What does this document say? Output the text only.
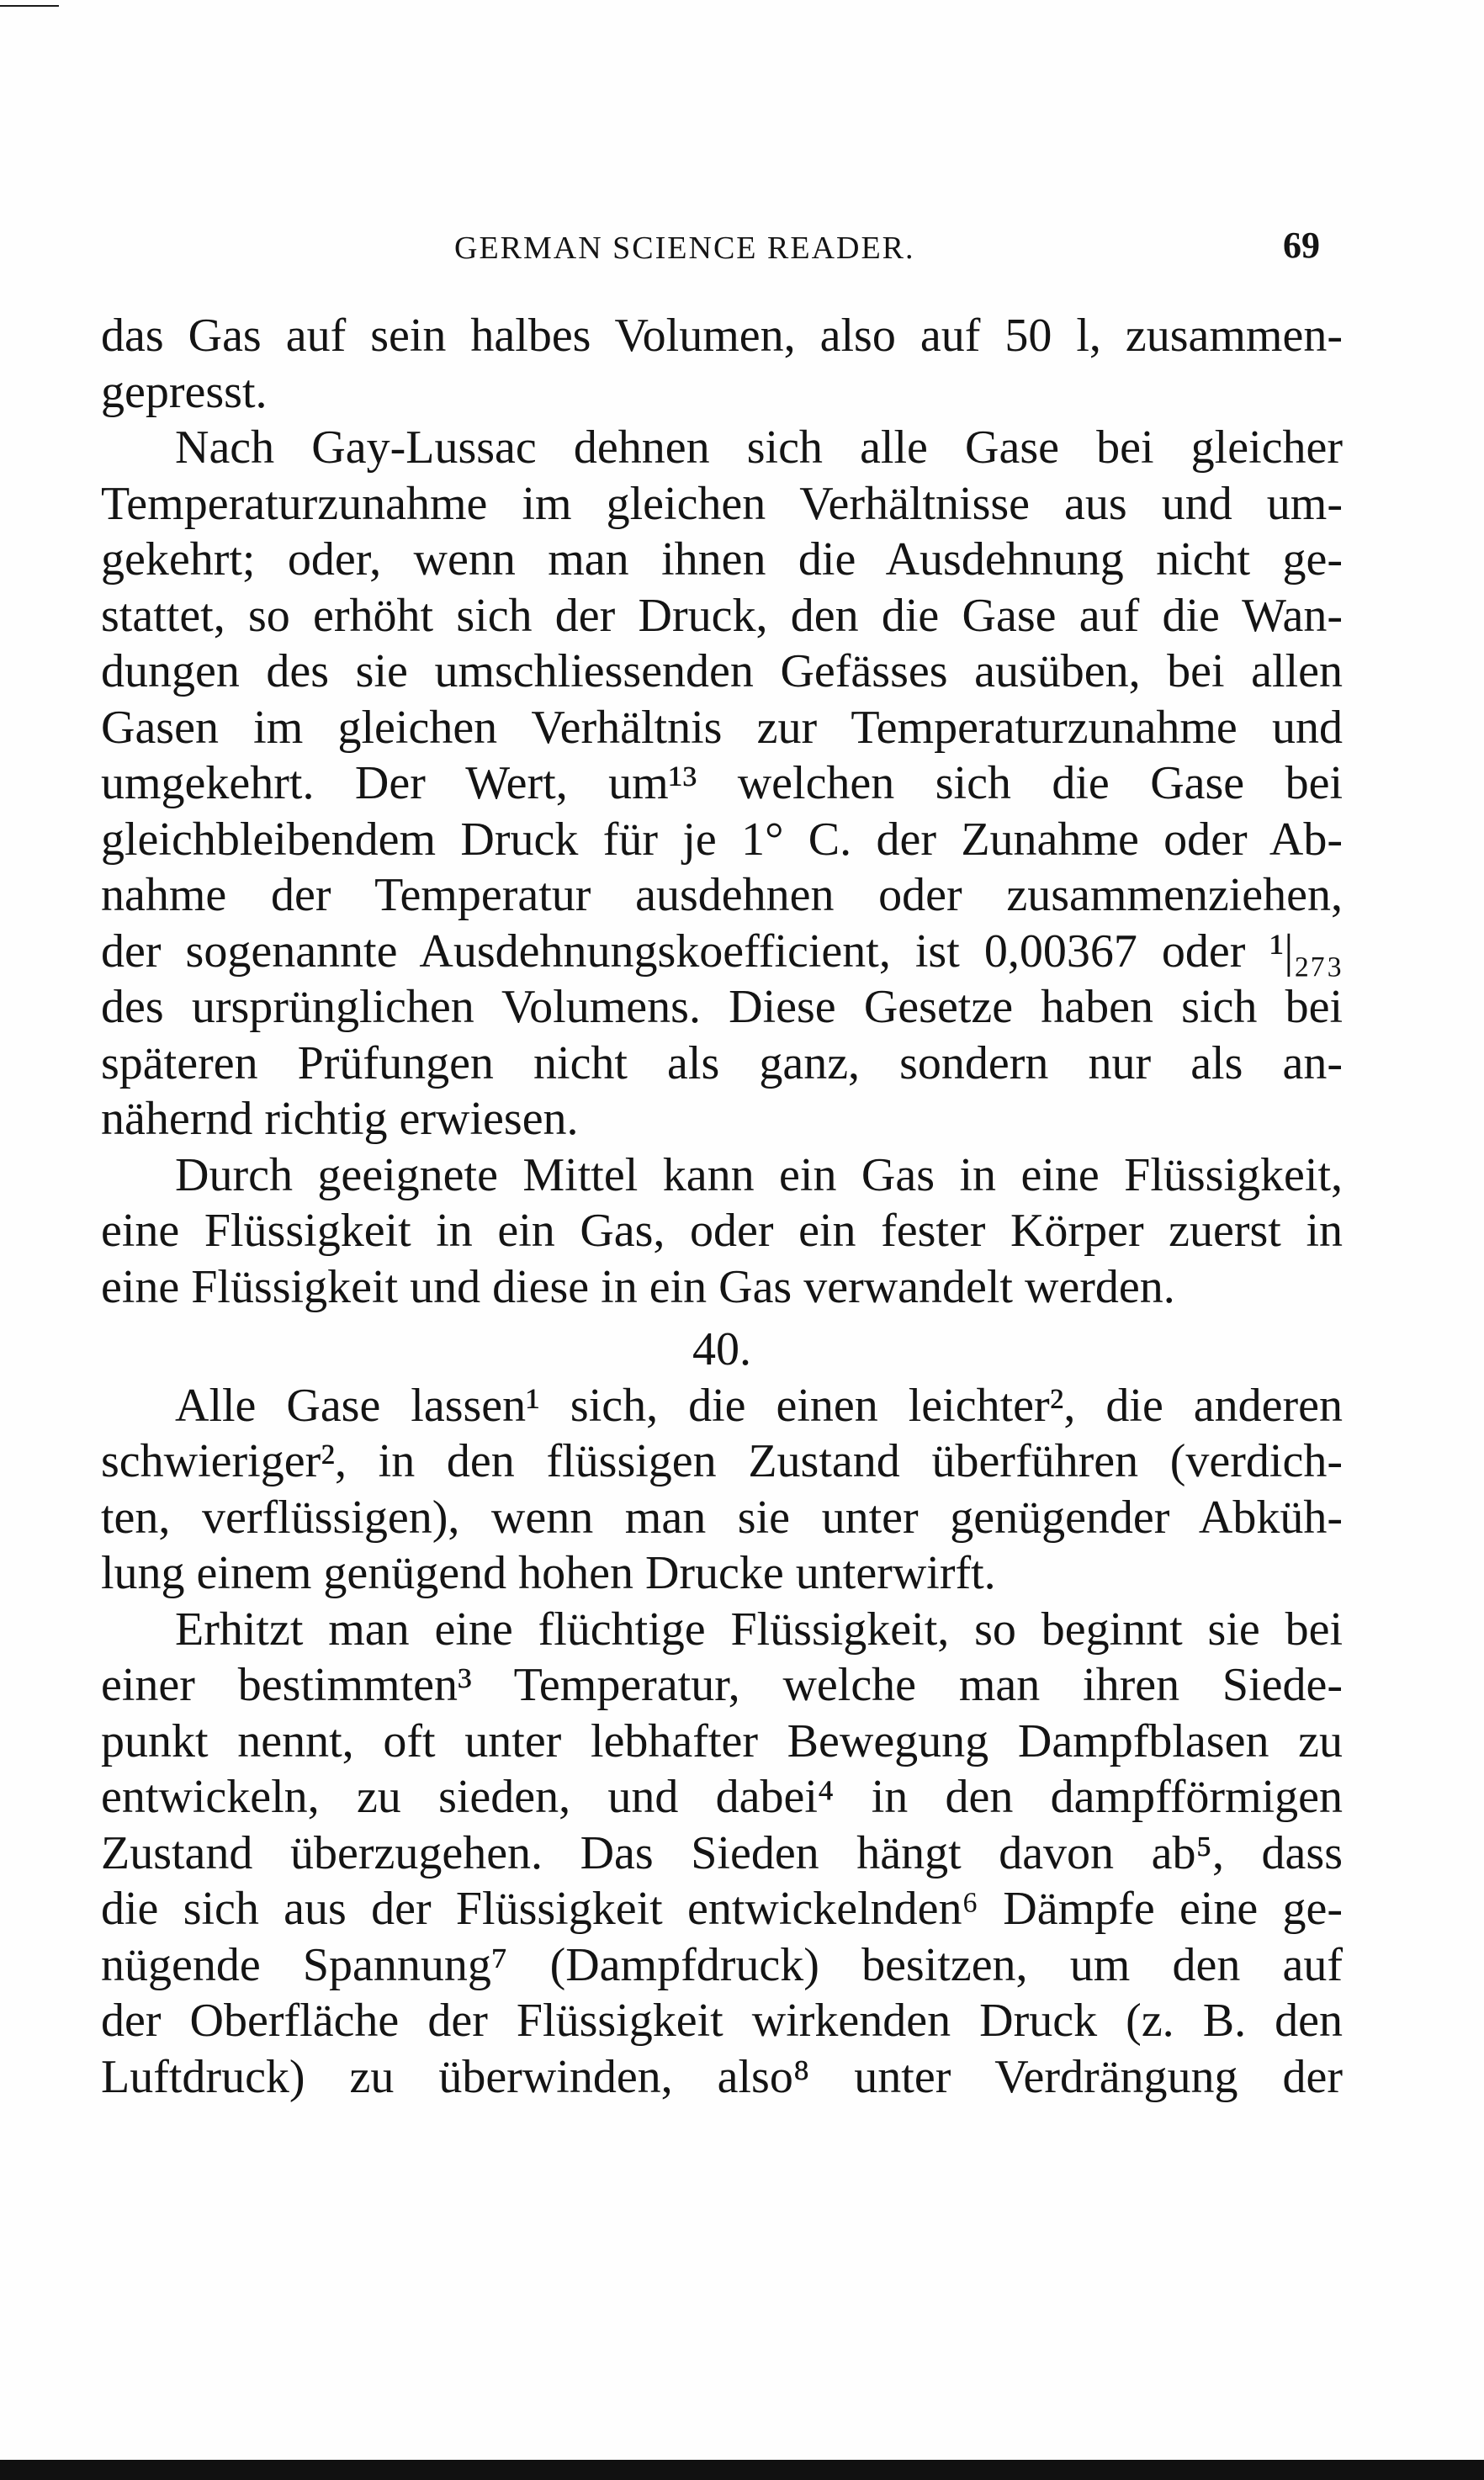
GERMAN SCIENCE READER.	69
das Gas auf sein halbes Volumen, also auf 50 l, zusammen-
gepresst.
Nach Gay-Lussac dehnen sich alle Gase bei gleicher
Temperaturzunahme im gleichen Verhältnisse aus und um-
gekehrt; oder, wenn man ihnen die Ausdehnung nicht ge-
stattet, so erhöht sich der Druck, den die Gase auf die Wan-
dungen des sie umschliessenden Gefässes ausüben, bei allen
Gasen im gleichen Verhältnis zur Temperaturzunahme und
umgekehrt. Der Wert, um¹³ welchen sich die Gase bei
gleichbleibendem Druck für je 1° C. der Zunahme oder Ab-
nahme der Temperatur ausdehnen oder zusammenziehen,
der sogenannte Ausdehnungskoefficient, ist 0,00367 oder ¹|₂₇₃
des ursprünglichen Volumens. Diese Gesetze haben sich bei
späteren Prüfungen nicht als ganz, sondern nur als an-
nähernd richtig erwiesen.
Durch geeignete Mittel kann ein Gas in eine Flüssigkeit,
eine Flüssigkeit in ein Gas, oder ein fester Körper zuerst in
eine Flüssigkeit und diese in ein Gas verwandelt werden.
40.
Alle Gase lassen¹ sich, die einen leichter², die anderen
schwieriger², in den flüssigen Zustand überführen (verdich-
ten, verflüssigen), wenn man sie unter genügender Abküh-
lung einem genügend hohen Drucke unterwirft.
Erhitzt man eine flüchtige Flüssigkeit, so beginnt sie bei
einer bestimmten³ Temperatur, welche man ihren Siede-
punkt nennt, oft unter lebhafter Bewegung Dampfblasen zu
entwickeln, zu sieden, und dabei⁴ in den dampfförmigen
Zustand überzugehen. Das Sieden hängt davon ab⁵, dass
die sich aus der Flüssigkeit entwickelnden⁶ Dämpfe eine ge-
nügende Spannung⁷ (Dampfdruck) besitzen, um den auf
der Oberfläche der Flüssigkeit wirkenden Druck (z. B. den
Luftdruck) zu überwinden, also⁸ unter Verdrängung der
